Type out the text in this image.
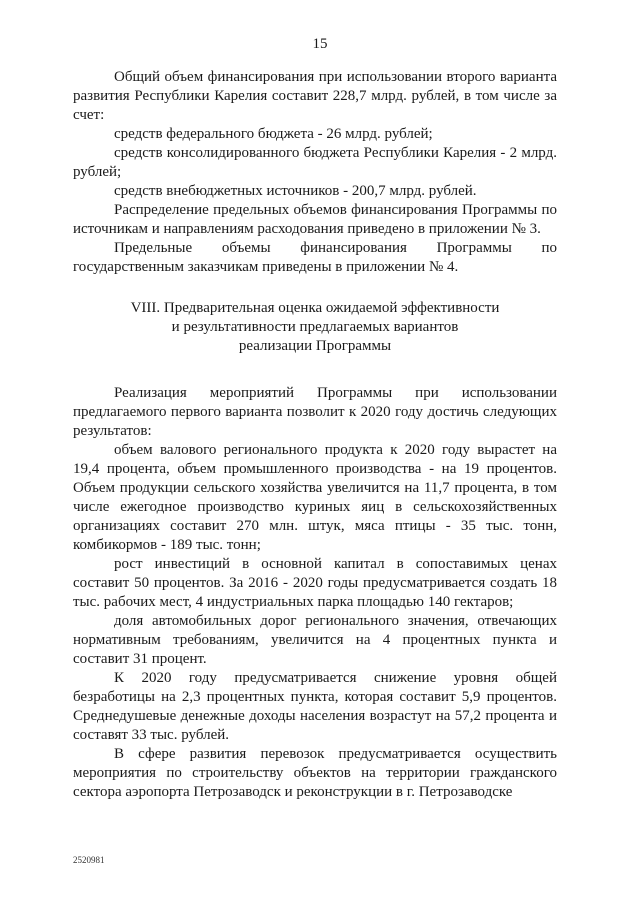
15

Общий объем финансирования при использовании второго варианта развития Республики Карелия составит 228,7 млрд. рублей, в том числе за счет:

средств федерального бюджета - 26 млрд. рублей;

средств консолидированного бюджета Республики Карелия - 2 млрд. рублей;

средств внебюджетных источников - 200,7 млрд. рублей.

Распределение предельных объемов финансирования Программы по источникам и направлениям расходования приведено в приложении № 3.

Предельные объемы финансирования Программы по государственным заказчикам приведены в приложении № 4.

VIII. Предварительная оценка ожидаемой эффективности
и результативности предлагаемых вариантов
реализации Программы

Реализация мероприятий Программы при использовании предлагаемого первого варианта позволит к 2020 году достичь следующих результатов:

объем валового регионального продукта к 2020 году вырастет на 19,4 процента, объем промышленного производства - на 19 процентов. Объем продукции сельского хозяйства увеличится на 11,7 процента, в том числе ежегодное производство куриных яиц в сельскохозяйственных организациях составит 270 млн. штук, мяса птицы - 35 тыс. тонн, комбикормов - 189 тыс. тонн;

рост инвестиций в основной капитал в сопоставимых ценах составит 50 процентов. За 2016 - 2020 годы предусматривается создать 18 тыс. рабочих мест, 4 индустриальных парка площадью 140 гектаров;

доля автомобильных дорог регионального значения, отвечающих нормативным требованиям, увеличится на 4 процентных пункта и составит 31 процент.

К 2020 году предусматривается снижение уровня общей безработицы на 2,3 процентных пункта, которая составит 5,9 процентов. Среднедушевые денежные доходы населения возрастут на 57,2 процента и составят 33 тыс. рублей.

В сфере развития перевозок предусматривается осуществить мероприятия по строительству объектов на территории гражданского сектора аэропорта Петрозаводск и реконструкции в г. Петрозаводске

2520981
